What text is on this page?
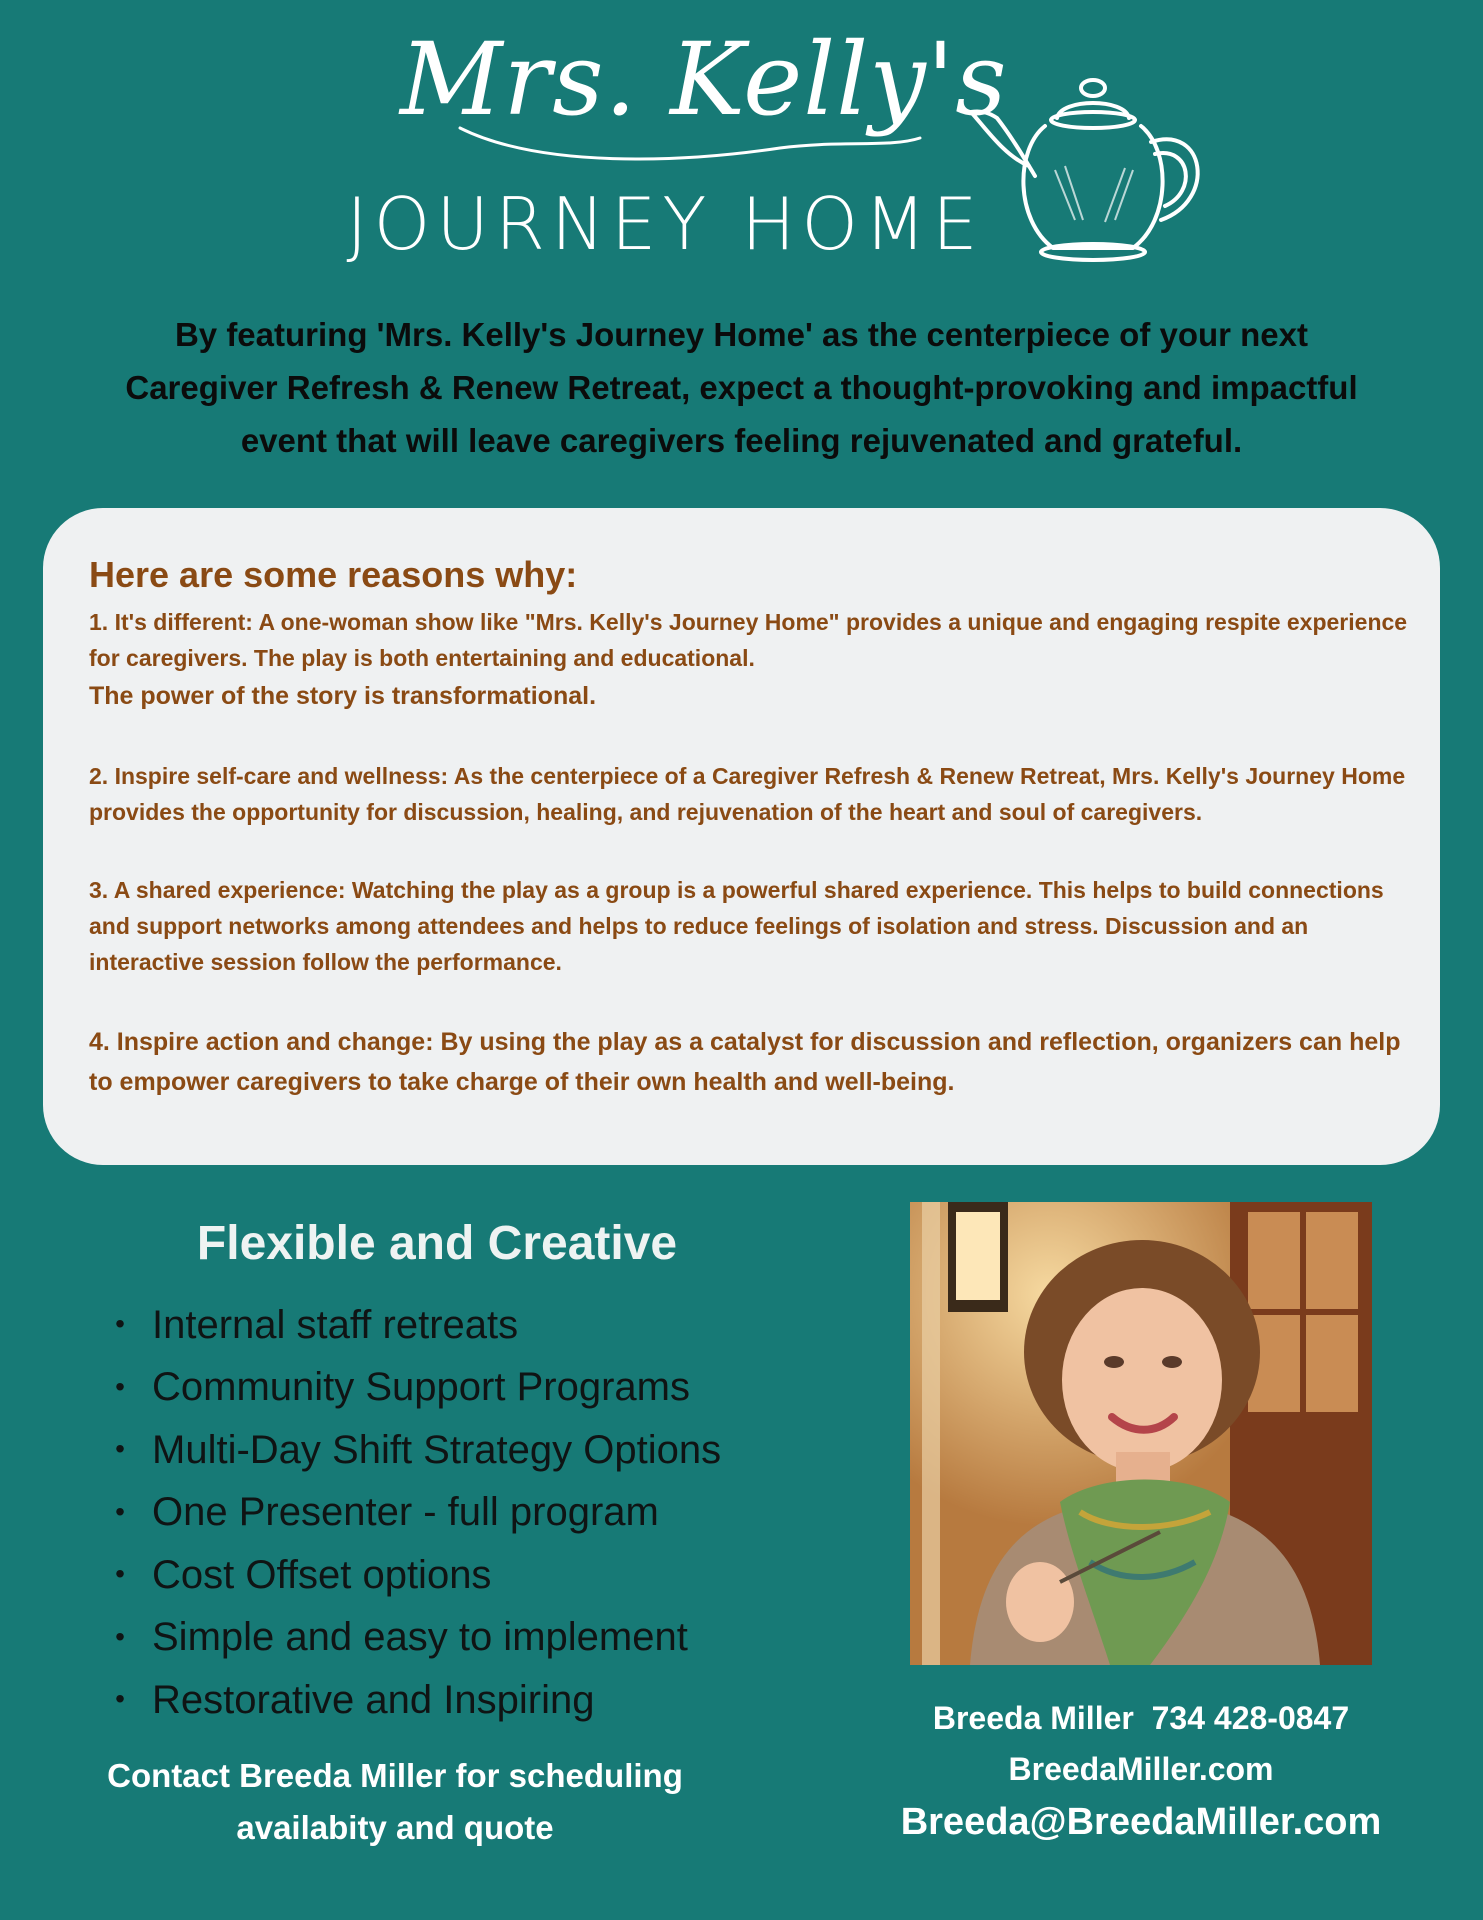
Mrs. Kelly's
JOURNEY HOME
By featuring 'Mrs. Kelly's Journey Home' as the centerpiece of your next
Caregiver Refresh & Renew Retreat, expect a thought-provoking and impactful
event that will leave caregivers feeling rejuvenated and grateful.
Here are some reasons why:

1. It's different: A one-woman show like "Mrs. Kelly's Journey Home" provides a unique and engaging respite experience for caregivers. The play is both entertaining and educational.
The power of the story is transformational.

2. Inspire self-care and wellness: As the centerpiece of a Caregiver Refresh & Renew Retreat, Mrs. Kelly's Journey Home provides the opportunity for discussion, healing, and rejuvenation of the heart and soul of caregivers.

3. A shared experience: Watching the play as a group is a powerful shared experience. This helps to build connections and support networks among attendees and helps to reduce feelings of isolation and stress. Discussion and an interactive session follow the performance.

4. Inspire action and change: By using the play as a catalyst for discussion and reflection, organizers can help to empower caregivers to take charge of their own health and well-being.

Flexible and Creative
• Internal staff retreats
• Community Support Programs
• Multi-Day Shift Strategy Options
• One Presenter - full program
• Cost Offset options
• Simple and easy to implement
• Restorative and Inspiring
Contact Breeda Miller for scheduling
availabity and quote
Breeda Miller  734 428-0847
BreedaMiller.com
Breeda@BreedaMiller.com
